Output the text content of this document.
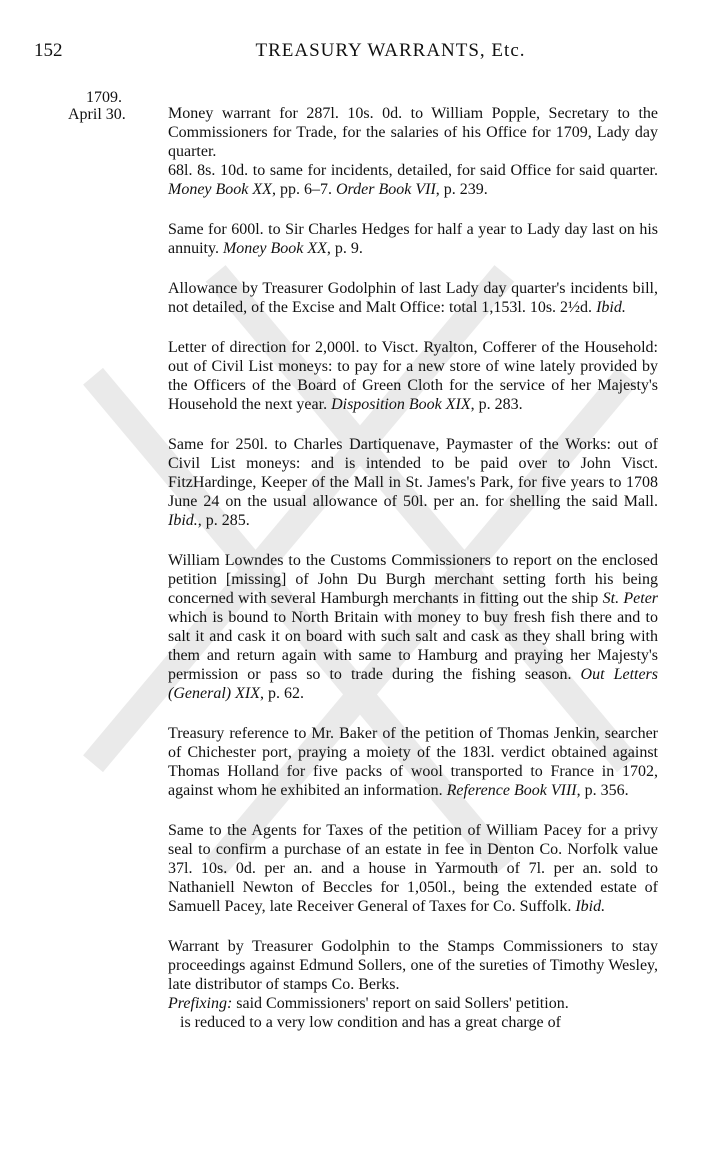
152	TREASURY WARRANTS, Etc.
1709.
April 30.	Money warrant for 287l. 10s. 0d. to William Popple, Secretary to the Commissioners for Trade, for the salaries of his Office for 1709, Lady day quarter.

68l. 8s. 10d. to same for incidents, detailed, for said Office for said quarter. Money Book XX, pp. 6–7. Order Book VII, p. 239.

Same for 600l. to Sir Charles Hedges for half a year to Lady day last on his annuity. Money Book XX, p. 9.

Allowance by Treasurer Godolphin of last Lady day quarter's incidents bill, not detailed, of the Excise and Malt Office: total 1,153l. 10s. 2½d. Ibid.

Letter of direction for 2,000l. to Visct. Ryalton, Cofferer of the Household: out of Civil List moneys: to pay for a new store of wine lately provided by the Officers of the Board of Green Cloth for the service of her Majesty's Household the next year. Disposition Book XIX, p. 283.

Same for 250l. to Charles Dartiquenave, Paymaster of the Works: out of Civil List moneys: and is intended to be paid over to John Visct. FitzHardinge, Keeper of the Mall in St. James's Park, for five years to 1708 June 24 on the usual allowance of 50l. per an. for shelling the said Mall. Ibid., p. 285.

William Lowndes to the Customs Commissioners to report on the enclosed petition [missing] of John Du Burgh merchant setting forth his being concerned with several Hamburgh merchants in fitting out the ship St. Peter which is bound to North Britain with money to buy fresh fish there and to salt it and cask it on board with such salt and cask as they shall bring with them and return again with same to Hamburg and praying her Majesty's permission or pass so to trade during the fishing season. Out Letters (General) XIX, p. 62.

Treasury reference to Mr. Baker of the petition of Thomas Jenkin, searcher of Chichester port, praying a moiety of the 183l. verdict obtained against Thomas Holland for five packs of wool transported to France in 1702, against whom he exhibited an information. Reference Book VIII, p. 356.

Same to the Agents for Taxes of the petition of William Pacey for a privy seal to confirm a purchase of an estate in fee in Denton Co. Norfolk value 37l. 10s. 0d. per an. and a house in Yarmouth of 7l. per an. sold to Nathaniell Newton of Beccles for 1,050l., being the extended estate of Samuell Pacey, late Receiver General of Taxes for Co. Suffolk. Ibid.

Warrant by Treasurer Godolphin to the Stamps Commissioners to stay proceedings against Edmund Sollers, one of the sureties of Timothy Wesley, late distributor of stamps Co. Berks.

Prefixing: said Commissioners' report on said Sollers' petition.

is reduced to a very low condition and has a great charge of
